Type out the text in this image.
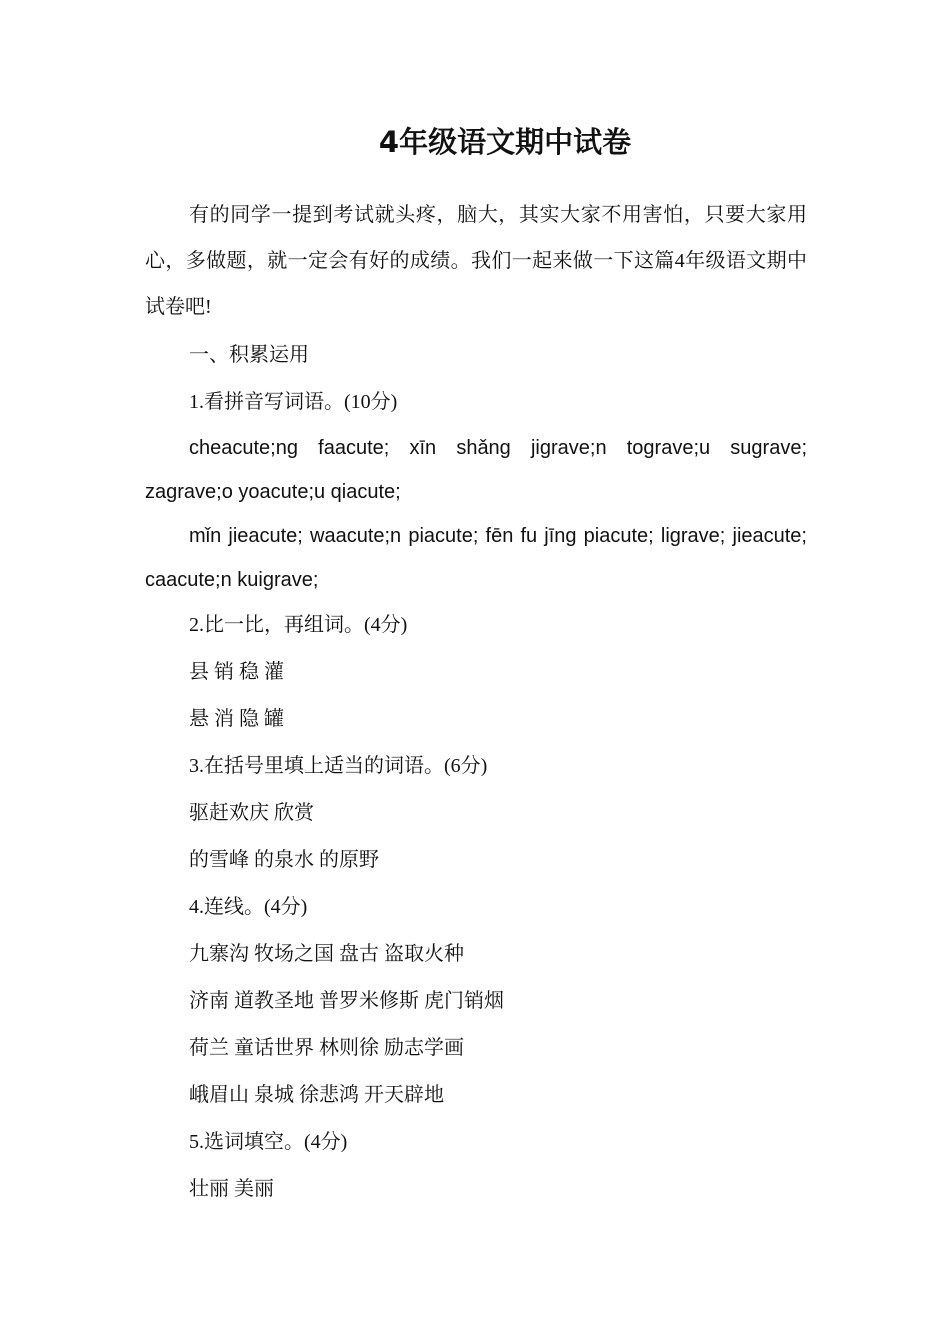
4年级语文期中试卷

有的同学一提到考试就头疼，脑大，其实大家不用害怕，只要大家用心，多做题，就一定会有好的成绩。我们一起来做一下这篇4年级语文期中试卷吧!

一、积累运用

1.看拼音写词语。(10分)

cheacute;ng faacute; xīn shǎng jigrave;n tograve;u sugrave; zagrave;o yoacute;u qiacute;

mǐn jieacute; waacute;n piacute; fēn fu jīng piacute; ligrave; jieacute; caacute;n kuigrave;

2.比一比，再组词。(4分)

县 销 稳 灌

悬 消 隐 罐

3.在括号里填上适当的词语。(6分)

驱赶欢庆 欣赏

的雪峰 的泉水 的原野

4.连线。(4分)

九寨沟 牧场之国 盘古 盗取火种

济南 道教圣地 普罗米修斯 虎门销烟

荷兰 童话世界 林则徐 励志学画

峨眉山 泉城 徐悲鸿 开天辟地

5.选词填空。(4分)

壮丽 美丽
